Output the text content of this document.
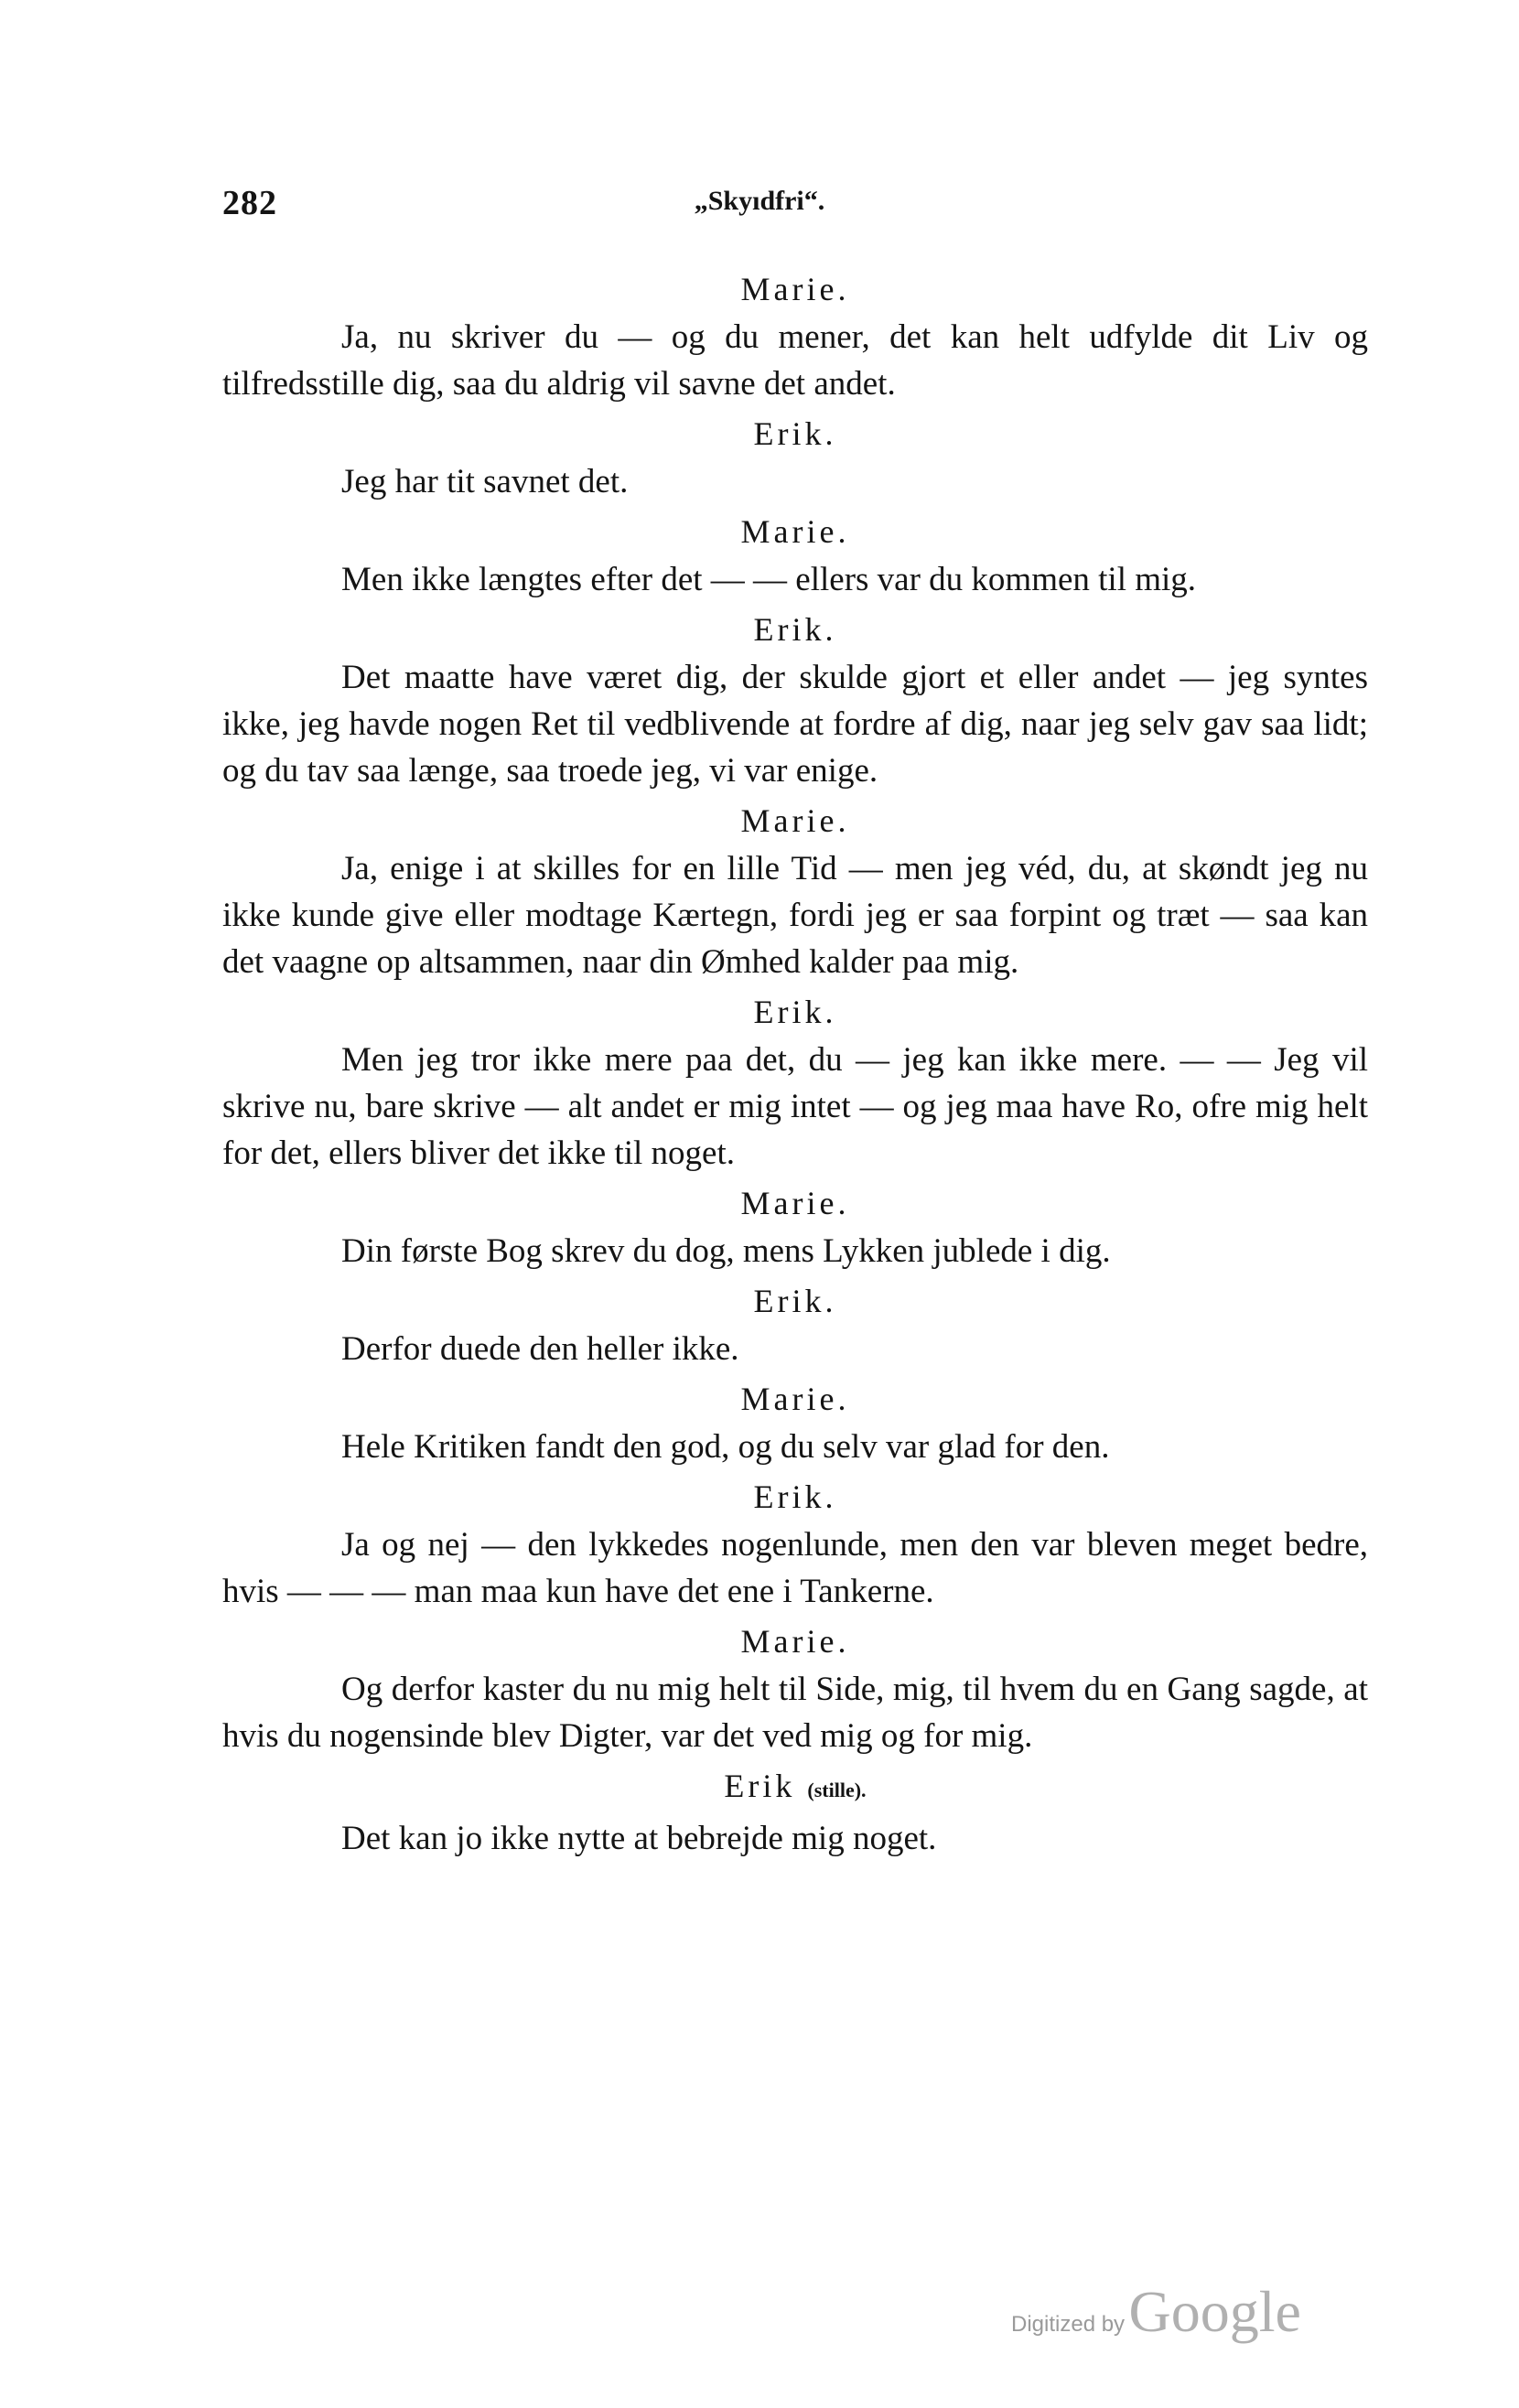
282	„Skyıdfri“.
Marie.

Ja, nu skriver du — og du mener, det kan helt udfylde dit Liv og tilfredsstille dig, saa du aldrig vil savne det andet.

Erik.

Jeg har tit savnet det.

Marie.

Men ikke længtes efter det — — ellers var du kommen til mig.

Erik.

Det maatte have været dig, der skulde gjort et eller andet — jeg syntes ikke, jeg havde nogen Ret til vedblivende at fordre af dig, naar jeg selv gav saa lidt; og du tav saa længe, saa troede jeg, vi var enige.

Marie.

Ja, enige i at skilles for en lille Tid — men jeg véd, du, at skøndt jeg nu ikke kunde give eller modtage Kærtegn, fordi jeg er saa forpint og træt — saa kan det vaagne op altsammen, naar din Ømhed kalder paa mig.

Erik.

Men jeg tror ikke mere paa det, du — jeg kan ikke mere. — — Jeg vil skrive nu, bare skrive — alt andet er mig intet — og jeg maa have Ro, ofre mig helt for det, ellers bliver det ikke til noget.

Marie.

Din første Bog skrev du dog, mens Lykken jublede i dig.

Erik.

Derfor duede den heller ikke.

Marie.

Hele Kritiken fandt den god, og du selv var glad for den.

Erik.

Ja og nej — den lykkedes nogenlunde, men den var bleven meget bedre, hvis — — — man maa kun have det ene i Tankerne.

Marie.

Og derfor kaster du nu mig helt til Side, mig, til hvem du en Gang sagde, at hvis du nogensinde blev Digter, var det ved mig og for mig.

Erik (stille).

Det kan jo ikke nytte at bebrejde mig noget.

Digitized by Google
